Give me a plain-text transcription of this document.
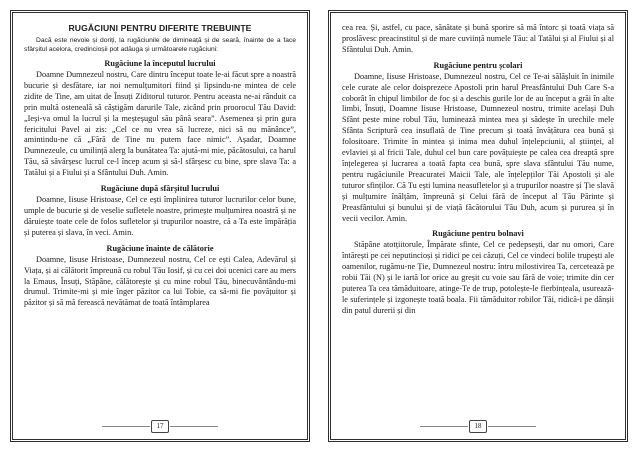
RUGĂCIUNI PENTRU DIFERITE TREBUINȚE

Dacă este nevoie și doriți, la rugăciunile de dimineață și de seară, înainte de a face sfârșitul acelora, credincioșii pot adăuga și următoarele rugăciuni:

Rugăciune la începutul lucrului

Doamne Dumnezeul nostru, Care dintru început toate le-ai făcut spre a noastră bucurie și desfătare, iar noi nemulțumitori fiind și lipsindu-ne mintea de cele zidite de Tine, am uitat de Însuți Ziditorul tuturor. Pentru aceasta ne-ai rânduit ca prin multă osteneală să câștigăm darurile Tale, zicând prin proorocul Tău David: „Ieși-va omul la lucrul și la meșteșugul său până seara”. Asemenea și prin gura fericitului Pavel ai zis: „Cel ce nu vrea să lucreze, nici să nu mănânce”, amintindu-ne că „Fără de Tine nu putem face nimic”. Așadar, Doamne Dumnezeule, cu umilință alerg la bunătatea Ta: ajută-mi mie, păcătosului, ca harul Tău, să săvârșesc lucrul ce-l încep acum și să-l sfârșesc cu bine, spre slava Ta: a Tatălui și a Fiului și a Sfântului Duh. Amin.

Rugăciune după sfârșitul lucrului

Doamne, Iisuse Hristoase, Cel ce ești împlinirea tuturor lucrurilor celor bune, umple de bucurie și de veselie sufletele noastre, primește mulțumirea noastră și ne dăruiește toate cele de folos sufletelor și trupurilor noastre, că a Ta este împărăția și puterea și slava, în veci. Amin.

Rugăciune înainte de călătorie

Doamne, Iisuse Hristoase, Dumnezeul nostru, Cel ce ești Calea, Adevărul și Viața, și ai călătorit împreună cu robul Tău Iosif, și cu cei doi ucenici care au mers la Emaus, Însuți, Stăpâne, călătorește și cu mine robul Tău, binecuvântându-mi drumul. Trimite-mi și mie înger păzitor ca lui Tobie, ca să-mi fie povățuitor și păzitor și să mă ferească nevătămat de toată întâmplarea

17

cea rea. Și, astfel, cu pace, sănătate și bună sporire să mă întorc și toată viața să proslăvesc preacinstitul și de mare cuviință numele Tău: al Tatălui și al Fiului și al Sfântului Duh. Amin.

Rugăciune pentru școlari

Doamne, Iisuse Hristoase, Dumnezeul nostru, Cel ce Te-ai sălășluit în inimile cele curate ale celor doisprezece Apostoli prin harul Preasfântului Duh Care S-a coborât în chipul limbilor de foc și a deschis gurile lor de au început a grăi în alte limbi, Însuți, Doamne Iisuse Hristoase, Dumnezeul nostru, trimite același Duh Sfânt peste mine robul Tău, luminează mintea mea și sădește în urechile mele Sfânta Scriptură cea insuflată de Tine precum și toată învățătura cea bună și folositoare. Trimite în mintea și inima mea duhul înțelepciunii, al științei, al evlaviei și al fricii Tale, duhul cel bun care povățuiește pe calea cea dreaptă spre înțelegerea și lucrarea a toată fapta cea bună, spre slava sfântului Tău nume, pentru rugăciunile Preacuratei Maicii Tale, ale înțelepților Tăi Apostoli și ale tuturor sfinților. Că Tu ești lumina neasufletelor și a trupurilor noastre și Ție slavă și mulțumire înălțăm, împreună și Celui fără de început al Tău Părinte și Preasfântului și bunului și de viață făcătorului Tău Duh, acum și pururea și în vecii vecilor. Amin.

Rugăciune pentru bolnavi

Stăpâne atotțiitorule, Împărate sfinte, Cel ce pedepsești, dar nu omori, Care întărești pe cei neputincioși și ridici pe cei căzuți, Cel ce vindeci bolile trupești ale oamenilor, rugămu-ne Ție, Dumnezeul nostru: întru milostivirea Ta, cercetează pe robii Tăi (N) și le iartă lor orice au greșit cu voie sau fără de voie; trimite din cer puterea Ta cea tămăduitoare, atinge-Te de trup, potolește-le fierbințeala, usurează-le suferințele și izgonește toată boala. Fii tămăduitor robilor Tăi, ridică-i pe dânșii din patul durerii și din

18
